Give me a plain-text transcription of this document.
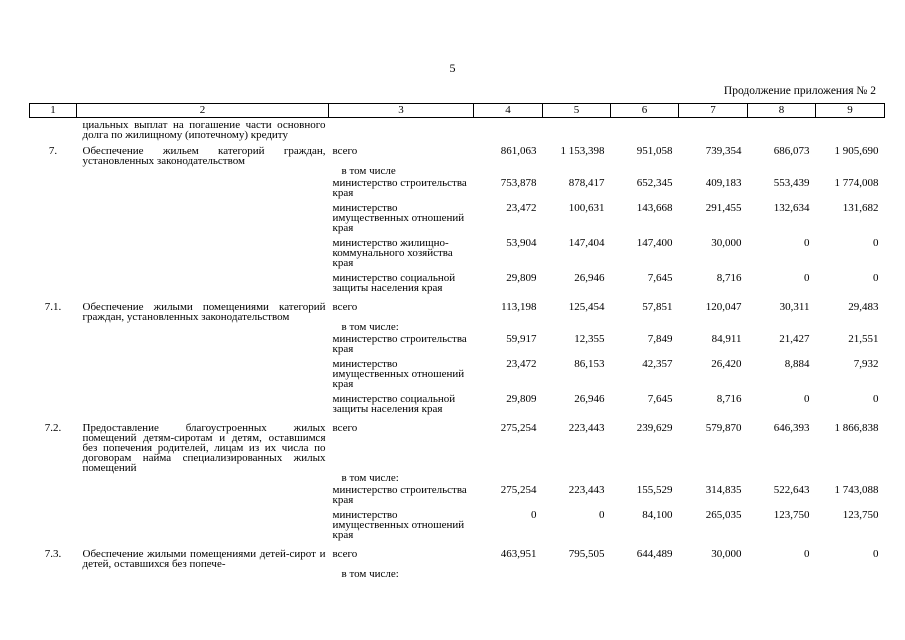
5
Продолжение приложения № 2
1	2	3	4	5	6	7	8	9
	циальных выплат на погашение части основного долга по жилищному (ипотечному) кредиту							
7.	Обеспечение жильем категорий граждан, установленных законодательством	всего	861,063	1 153,398	951,058	739,354	686,073	1 905,690
		в том числе						
		министерство строительства края	753,878	878,417	652,345	409,183	553,439	1 774,008
		министерство имущественных отношений края	23,472	100,631	143,668	291,455	132,634	131,682
		министерство жилищно-коммунального хозяйства края	53,904	147,404	147,400	30,000	0	0
		министерство социальной защиты населения края	29,809	26,946	7,645	8,716	0	0
7.1.	Обеспечение жилыми помещениями категорий граждан, установленных законодательством	всего	113,198	125,454	57,851	120,047	30,311	29,483
		в том числе:						
		министерство строительства края	59,917	12,355	7,849	84,911	21,427	21,551
		министерство имущественных отношений края	23,472	86,153	42,357	26,420	8,884	7,932
		министерство социальной защиты населения края	29,809	26,946	7,645	8,716	0	0
7.2.	Предоставление благоустроенных жилых помещений детям-сиротам и детям, оставшимся без попечения родителей, лицам из их числа по договорам найма специализированных жилых помещений	всего	275,254	223,443	239,629	579,870	646,393	1 866,838
		в том числе:						
		министерство строительства края	275,254	223,443	155,529	314,835	522,643	1 743,088
		министерство имущественных отношений края	0	0	84,100	265,035	123,750	123,750
7.3.	Обеспечение жилыми помещениями детей-сирот и детей, оставшихся без попече-	всего	463,951	795,505	644,489	30,000	0	0
		в том числе:						
